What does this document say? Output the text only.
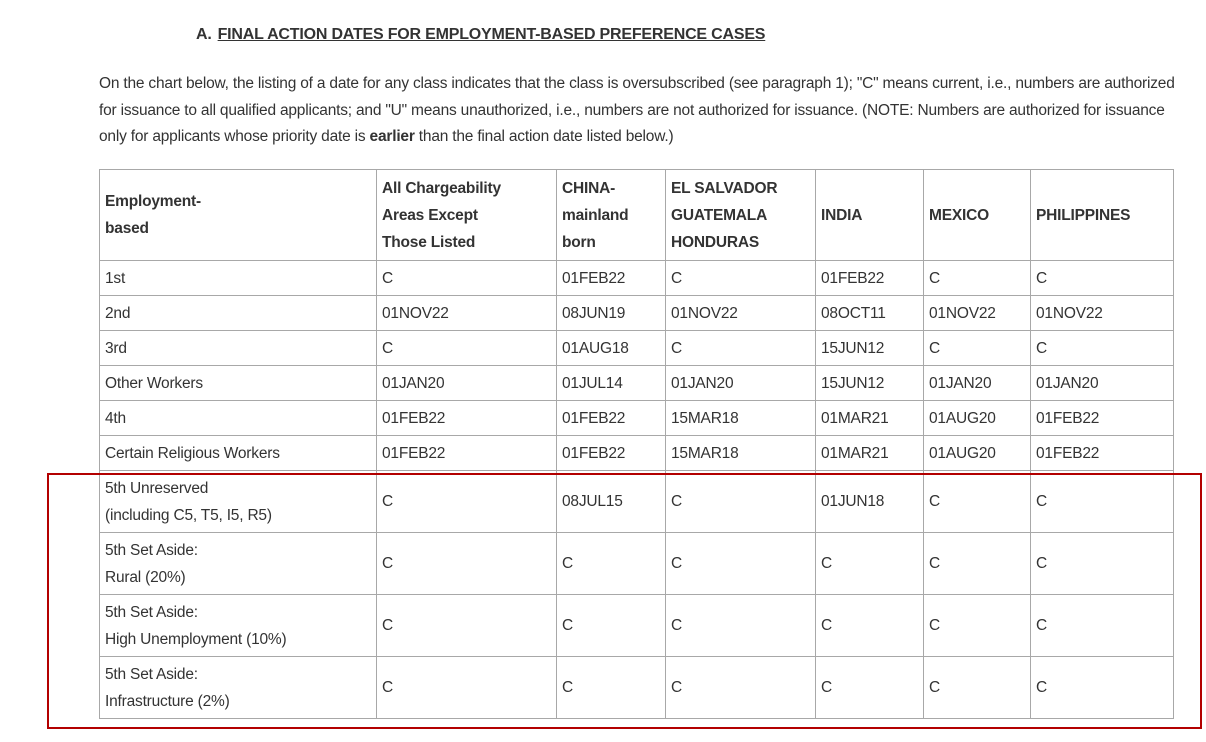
A. FINAL ACTION DATES FOR EMPLOYMENT-BASED PREFERENCE CASES

On the chart below, the listing of a date for any class indicates that the class is oversubscribed (see paragraph 1); "C" means current, i.e., numbers are authorized for issuance to all qualified applicants; and "U" means unauthorized, i.e., numbers are not authorized for issuance. (NOTE: Numbers are authorized for issuance only for applicants whose priority date is earlier than the final action date listed below.)

Employment-
based	All Chargeability
Areas Except
Those Listed	CHINA-
mainland
born	EL SALVADOR
GUATEMALA
HONDURAS	INDIA	MEXICO	PHILIPPINES
1st	C	01FEB22	C	01FEB22	C	C
2nd	01NOV22	08JUN19	01NOV22	08OCT11	01NOV22	01NOV22
3rd	C	01AUG18	C	15JUN12	C	C
Other Workers	01JAN20	01JUL14	01JAN20	15JUN12	01JAN20	01JAN20
4th	01FEB22	01FEB22	15MAR18	01MAR21	01AUG20	01FEB22
Certain Religious Workers	01FEB22	01FEB22	15MAR18	01MAR21	01AUG20	01FEB22
5th Unreserved
(including C5, T5, I5, R5)	C	08JUL15	C	01JUN18	C	C
5th Set Aside:
Rural (20%)	C	C	C	C	C	C
5th Set Aside:
High Unemployment (10%)	C	C	C	C	C	C
5th Set Aside:
Infrastructure (2%)	C	C	C	C	C	C
